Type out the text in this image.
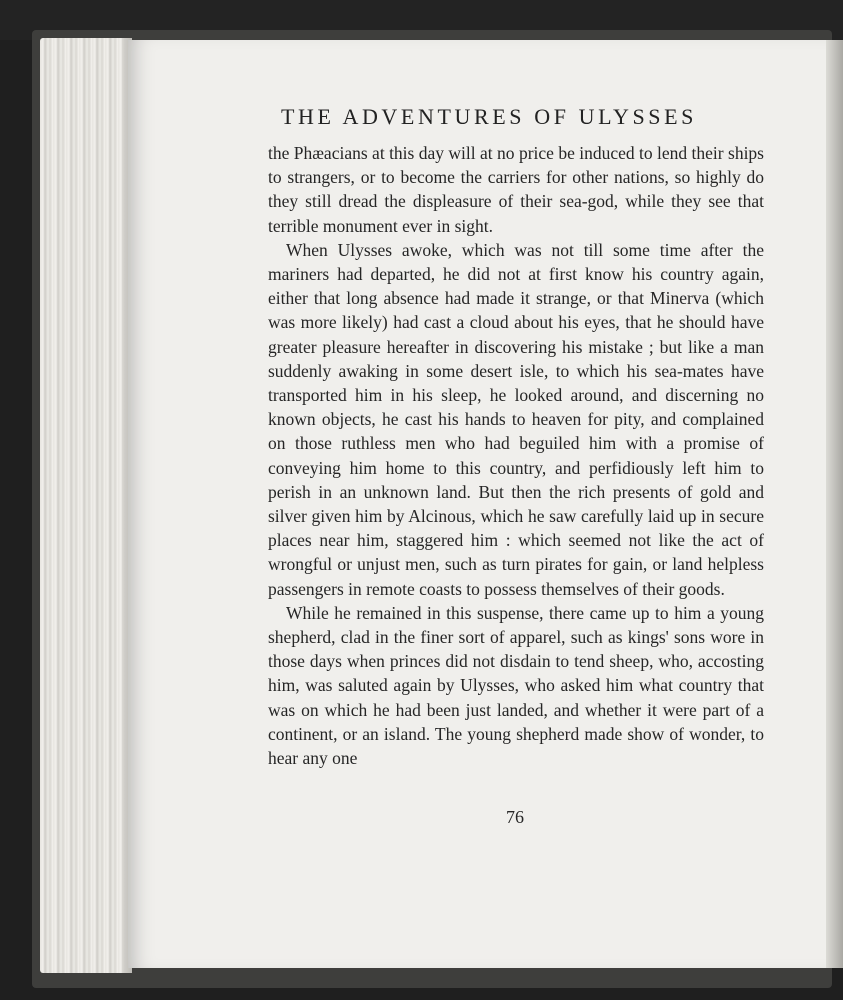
THE ADVENTURES OF ULYSSES

the Phæacians at this day will at no price be induced to lend their ships to strangers, or to become the carriers for other nations, so highly do they still dread the displeasure of their sea-god, while they see that terrible monument ever in sight.

When Ulysses awoke, which was not till some time after the mariners had departed, he did not at first know his country again, either that long absence had made it strange, or that Minerva (which was more likely) had cast a cloud about his eyes, that he should have greater pleasure hereafter in discovering his mistake ; but like a man suddenly awaking in some desert isle, to which his sea-mates have transported him in his sleep, he looked around, and discerning no known objects, he cast his hands to heaven for pity, and complained on those ruthless men who had beguiled him with a promise of conveying him home to this country, and perfidiously left him to perish in an unknown land. But then the rich presents of gold and silver given him by Alcinous, which he saw carefully laid up in secure places near him, staggered him : which seemed not like the act of wrongful or unjust men, such as turn pirates for gain, or land helpless passengers in remote coasts to possess themselves of their goods.

While he remained in this suspense, there came up to him a young shepherd, clad in the finer sort of apparel, such as kings' sons wore in those days when princes did not disdain to tend sheep, who, accosting him, was saluted again by Ulysses, who asked him what country that was on which he had been just landed, and whether it were part of a continent, or an island. The young shepherd made show of wonder, to hear any one

76
